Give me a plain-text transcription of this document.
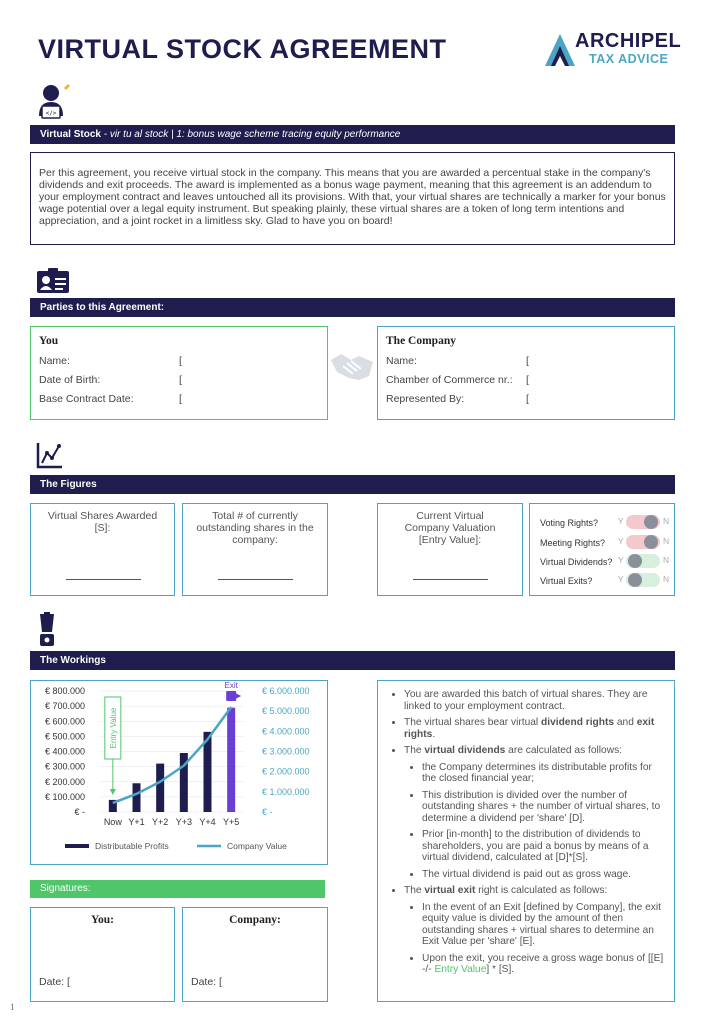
VIRTUAL STOCK AGREEMENT	ARCHIPEL
TAX ADVICE
</>
Virtual Stock - vir tu al stock | 1: bonus wage scheme tracing equity performance
Per this agreement, you receive virtual stock in the company. This means that you are awarded a percentual stake in the company's dividends and exit proceeds. The award is implemented as a bonus wage payment, meaning that this agreement is an addendum to your employment contract and leaves untouched all its provisions. With that, your virtual shares are technically a marker for your bonus wage potential over a legal equity instrument. But speaking plainly, these virtual shares are a token of long term intentions and appreciation, and a joint rocket in a limitless sky. Glad to have you on board!
Parties to this Agreement:
You
Name:	[
Date of Birth:	[
Base Contract Date:	[
The Company
Name:	[
Chamber of Commerce nr.: [
Represented By:	[
The Figures
Virtual Shares Awarded [S]:
Total # of currently outstanding shares in the company:
Current Virtual Company Valuation [Entry Value]:
Voting Rights? Y	N
Meeting Rights? Y	N
Virtual Dividends? Y	N
Virtual Exits?	Y	N
The Workings
€ 800.000
€ 700.000
€ 600.000
€ 500.000
€ 400.000
€ 300.000
€ 200.000
€ 100.000
€ -
€ 6.000.000
€ 5.000.000
€ 4.000.000
€ 3.000.000
€ 2.000.000
€ 1.000.000
€ -
Now Y+1 Y+2 Y+3 Y+4 Y+5
Entry Value
Exit
Distributable Profits	Company Value
• You are awarded this batch of virtual shares. They are linked to your employment contract.
• The virtual shares bear virtual dividend rights and exit rights.
• The virtual dividends are calculated as follows:
• the Company determines its distributable profits for the closed financial year;
• This distribution is divided over the number of outstanding shares + the number of virtual shares, to determine a dividend per 'share' [D].
• Prior [in-month] to the distribution of dividends to shareholders, you are paid a bonus by means of a virtual dividend, calculated at [D]*[S].
• The virtual dividend is paid out as gross wage.
• The virtual exit right is calculated as follows:
• In the event of an Exit [defined by Company], the exit equity value is divided by the amount of then outstanding shares + virtual shares to determine an Exit Value per 'share' [E].
• Upon the exit, you receive a gross wage bonus of [[E] -/- Entry Value] * [S].
Signatures:
You:
Date: [
Company:
Date: [
1
